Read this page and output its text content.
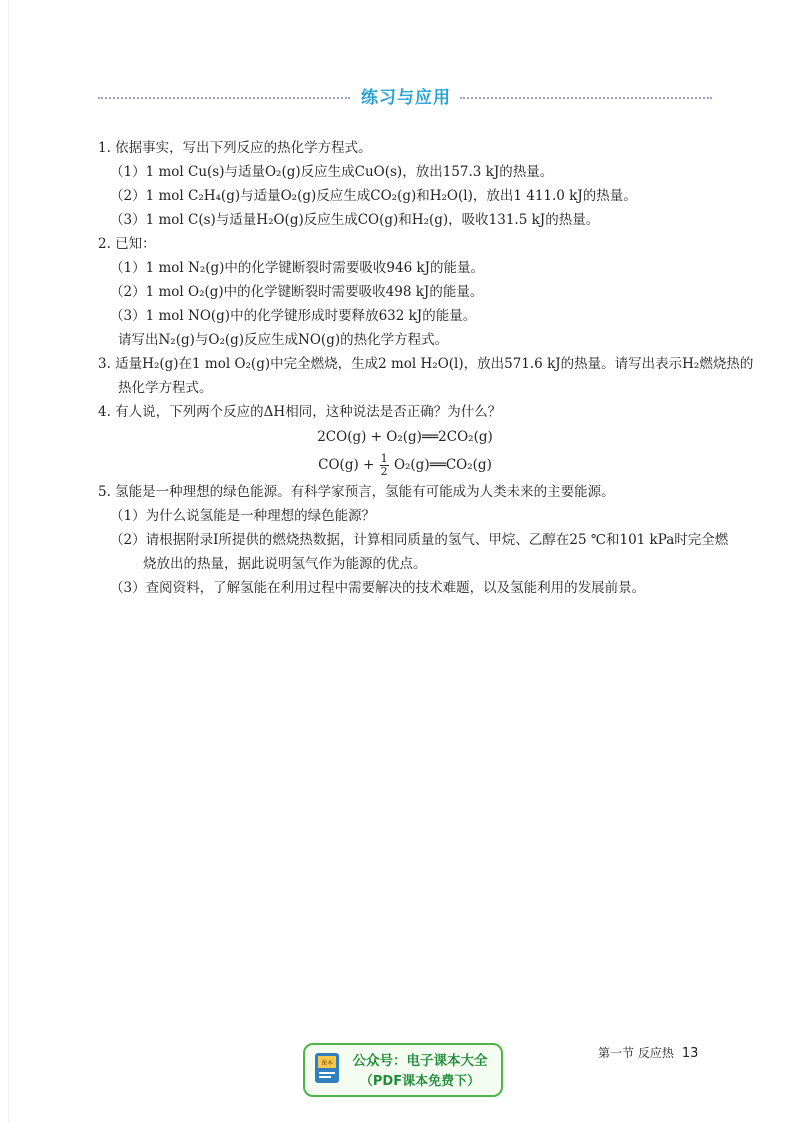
练习与应用
1. 依据事实，写出下列反应的热化学方程式。
（1）1 mol Cu(s)与适量O₂(g)反应生成CuO(s)，放出157.3 kJ的热量。
（2）1 mol C₂H₄(g)与适量O₂(g)反应生成CO₂(g)和H₂O(l)，放出1 411.0 kJ的热量。
（3）1 mol C(s)与适量H₂O(g)反应生成CO(g)和H₂(g)，吸收131.5 kJ的热量。
2. 已知：
（1）1 mol N₂(g)中的化学键断裂时需要吸收946 kJ的能量。
（2）1 mol O₂(g)中的化学键断裂时需要吸收498 kJ的能量。
（3）1 mol NO(g)中的化学键形成时要释放632 kJ的能量。
请写出N₂(g)与O₂(g)反应生成NO(g)的热化学方程式。
3. 适量H₂(g)在1 mol O₂(g)中完全燃烧，生成2 mol H₂O(l)，放出571.6 kJ的热量。请写出表示H₂燃烧热的
热化学方程式。
4. 有人说，下列两个反应的ΔH相同，这种说法是否正确？为什么？
2CO(g) + O₂(g)══2CO₂(g)
$CO(g) + \frac{1}{2}$ O₂(g)══CO₂(g)
5. 氢能是一种理想的绿色能源。有科学家预言，氢能有可能成为人类未来的主要能源。
（1）为什么说氢能是一种理想的绿色能源？
（2）请根据附录Ⅰ所提供的燃烧热数据，计算相同质量的氢气、甲烷、乙醇在25 ℃和101 kPa时完全燃
烧放出的热量，据此说明氢气作为能源的优点。
（3）查阅资料，了解氢能在利用过程中需要解决的技术难题，以及氢能利用的发展前景。
课本	公众号：电子课本大全
（PDF课本免费下）
第一节 反应热 13
